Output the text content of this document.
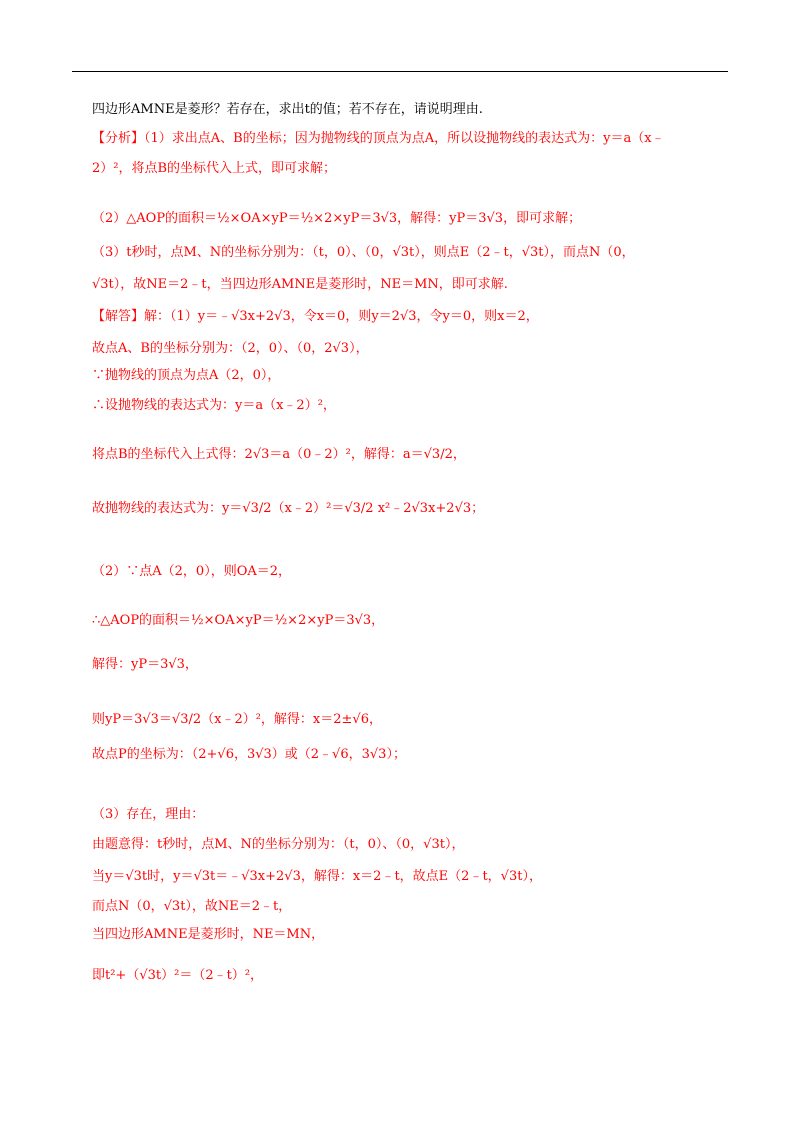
四边形AMNE是菱形？若存在，求出t的值；若不存在，请说明理由.
【分析】（1）求出点A、B的坐标；因为抛物线的顶点为点A，所以设抛物线的表达式为：y＝a（x﹣
2）²，将点B的坐标代入上式，即可求解；
（2）△AOP的面积＝½×OA×yP＝½×2×yP＝3√3，解得：yP＝3√3，即可求解；
（3）t秒时，点M、N的坐标分别为：（t，0）、（0，√3t），则点E（2﹣t，√3t），而点N（0，
√3t），故NE＝2﹣t，当四边形AMNE是菱形时，NE＝MN，即可求解.
【解答】解：（1）y＝﹣√3x+2√3，令x＝0，则y＝2√3，令y＝0，则x＝2，
故点A、B的坐标分别为：（2，0）、（0，2√3），
∵抛物线的顶点为点A（2，0），
∴设抛物线的表达式为：y＝a（x﹣2）²，
将点B的坐标代入上式得：2√3＝a（0﹣2）²，解得：a＝√3/2，
故抛物线的表达式为：y＝√3/2（x﹣2）²＝√3/2 x²﹣2√3x+2√3；
（2）∵点A（2，0），则OA＝2，
∴△AOP的面积＝½×OA×yP＝½×2×yP＝3√3，
解得：yP＝3√3，
则yP＝3√3＝√3/2（x﹣2）²，解得：x＝2±√6，
故点P的坐标为：（2+√6，3√3）或（2﹣√6，3√3）；
（3）存在，理由：
由题意得：t秒时，点M、N的坐标分别为：（t，0）、（0，√3t），
当y＝√3t时，y＝√3t＝﹣√3x+2√3，解得：x＝2﹣t，故点E（2﹣t，√3t），
而点N（0，√3t），故NE＝2﹣t，
当四边形AMNE是菱形时，NE＝MN，
即t²+（√3t）²＝（2﹣t）²，
